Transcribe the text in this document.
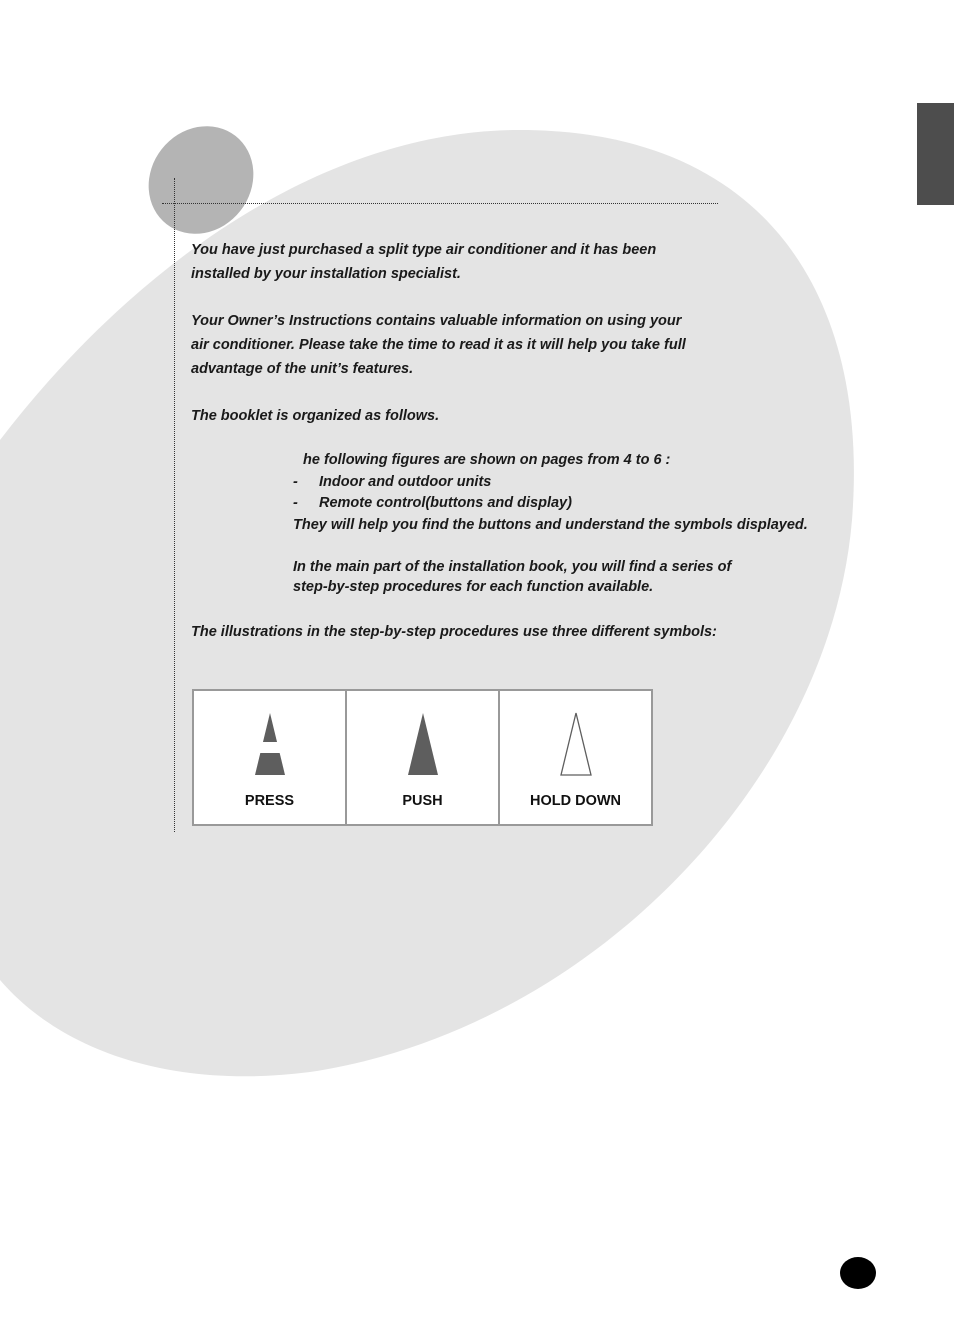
You have just purchased a split type air conditioner and it has been
installed by your installation specialist.

Your Owner’s Instructions contains valuable information on using your
air conditioner. Please take the time to read it as it will help you take full
advantage of the unit’s features.

The booklet is organized as follows.

he following figures are shown on pages from 4 to 6 :
- Indoor and outdoor units
- Remote control(buttons and display)
They will help you find the buttons and understand the symbols displayed.

In the main part of the installation book, you will find a series of
step-by-step procedures for each function available.

The illustrations in the step-by-step procedures use three different symbols:

PRESS	PUSH	HOLD DOWN
